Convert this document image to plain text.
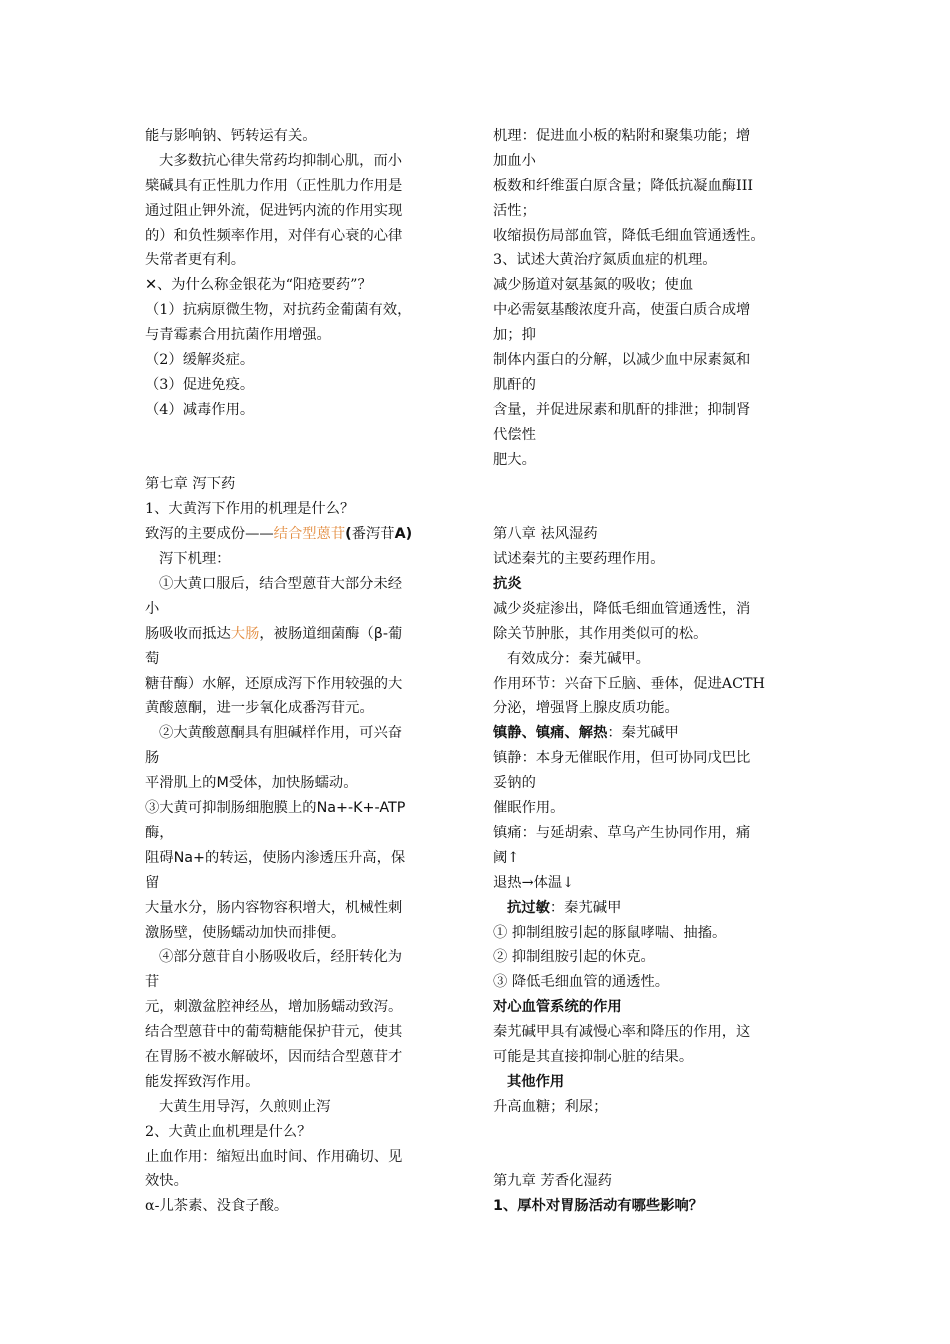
能与影响钠、钙转运有关。
大多数抗心律失常药均抑制心肌，而小
檗碱具有正性肌力作用（正性肌力作用是
通过阻止钾外流，促进钙内流的作用实现
的）和负性频率作用，对伴有心衰的心律
失常者更有利。
✕、为什么称金银花为“阳疮要药”？
（1）抗病原微生物，对抗药金葡菌有效，
与青霉素合用抗菌作用增强。
（2）缓解炎症。
（3）促进免疫。
（4）减毒作用。
第七章 泻下药
1、大黄泻下作用的机理是什么？
致泻的主要成份——结合型蒽苷(番泻苷A)
泻下机理：
①大黄口服后，结合型蒽苷大部分未经
小
肠吸收而抵达大肠，被肠道细菌酶（β-葡
萄
糖苷酶）水解，还原成泻下作用较强的大
黄酸蒽酮，进一步氧化成番泻苷元。
②大黄酸蒽酮具有胆碱样作用，可兴奋
肠
平滑肌上的M受体，加快肠蠕动。
③大黄可抑制肠细胞膜上的Na+-K+-ATP
酶，
阻碍Na+的转运，使肠内渗透压升高，保
留
大量水分，肠内容物容积增大，机械性刺
激肠壁，使肠蠕动加快而排便。
④部分蒽苷自小肠吸收后，经肝转化为
苷
元，刺激盆腔神经丛，增加肠蠕动致泻。
结合型蒽苷中的葡萄糖能保护苷元，使其
在胃肠不被水解破坏，因而结合型蒽苷才
能发挥致泻作用。
大黄生用导泻，久煎则止泻
2、大黄止血机理是什么？
止血作用：缩短出血时间、作用确切、见
效快。
α-儿茶素、没食子酸。
机理：促进血小板的粘附和聚集功能；增
加血小
板数和纤维蛋白原含量；降低抗凝血酶III
活性；
收缩损伤局部血管，降低毛细血管通透性。
3、试述大黄治疗氮质血症的机理。
减少肠道对氨基氮的吸收；使血
中必需氨基酸浓度升高，使蛋白质合成增
加；抑
制体内蛋白的分解，以减少血中尿素氮和
肌酐的
含量，并促进尿素和肌酐的排泄；抑制肾
代偿性
肥大。
第八章 祛风湿药
试述秦艽的主要药理作用。
抗炎
减少炎症渗出，降低毛细血管通透性，消
除关节肿胀，其作用类似可的松。
有效成分：秦艽碱甲。
作用环节：兴奋下丘脑、垂体，促进ACTH
分泌，增强肾上腺皮质功能。
镇静、镇痛、解热：秦艽碱甲
镇静：本身无催眠作用，但可协同戊巴比
妥钠的
催眠作用。
镇痛：与延胡索、草乌产生协同作用，痛
阈↑
退热→体温↓
抗过敏：秦艽碱甲
① 抑制组胺引起的豚鼠哮喘、抽搐。
② 抑制组胺引起的休克。
③ 降低毛细血管的通透性。
对心血管系统的作用
秦艽碱甲具有减慢心率和降压的作用，这
可能是其直接抑制心脏的结果。
其他作用
升高血糖；利尿；
第九章 芳香化湿药
1、厚朴对胃肠活动有哪些影响？
